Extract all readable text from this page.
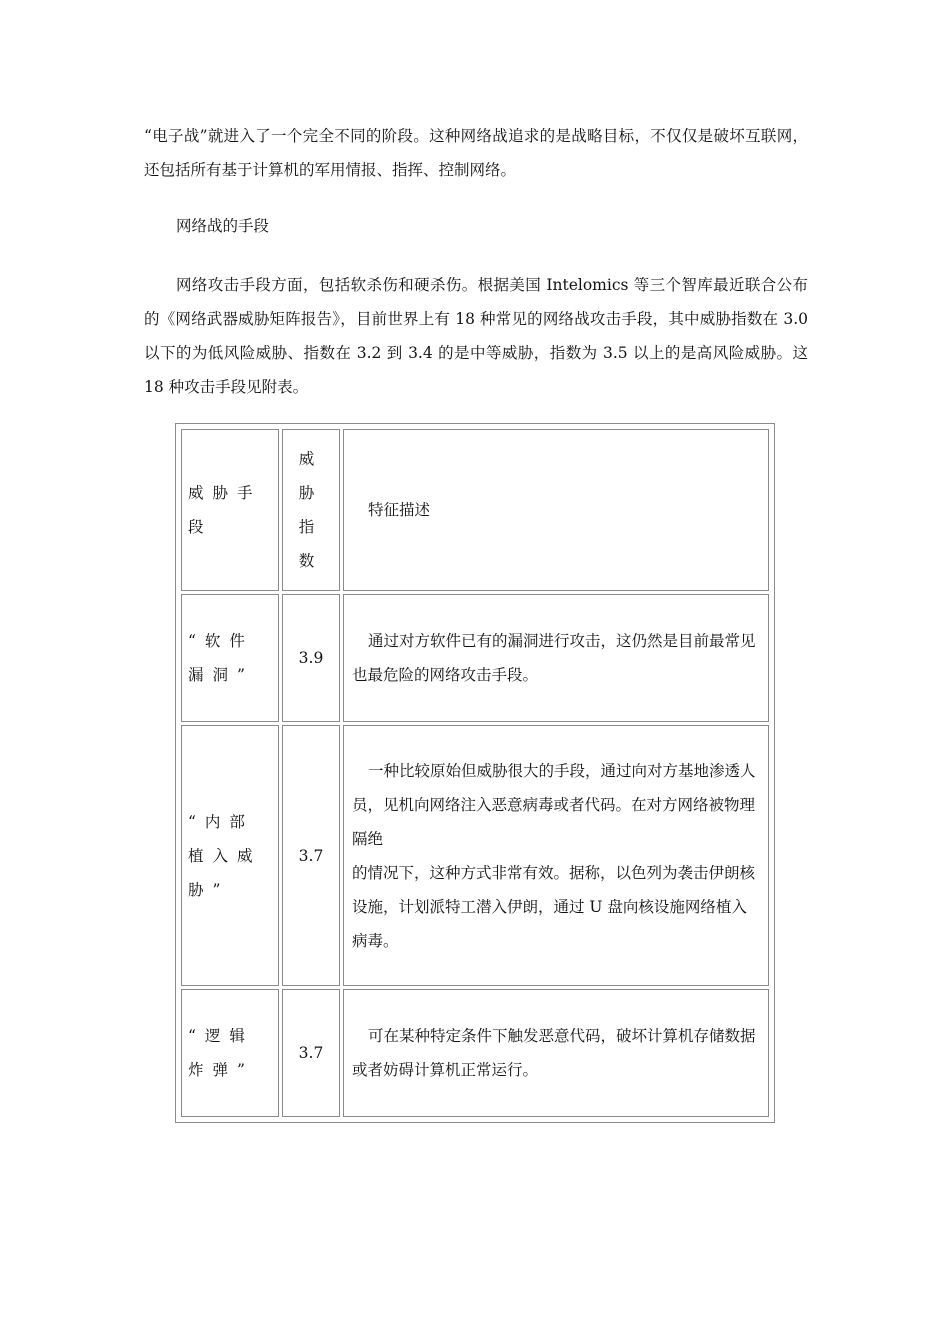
“电子战”就进入了一个完全不同的阶段。这种网络战追求的是战略目标，不仅仅是破坏互联网，还包括所有基于计算机的军用情报、指挥、控制网络。

网络战的手段

网络攻击手段方面，包括软杀伤和硬杀伤。根据美国 Intelomics 等三个智库最近联合公布的《网络武器威胁矩阵报告》，目前世界上有 18 种常见的网络战攻击手段，其中威胁指数在 3.0 以下的为低风险威胁、指数在 3.2 到 3.4 的是中等威胁，指数为 3.5 以上的是高风险威胁。这 18 种攻击手段见附表。

威胁手段	威胁指数	特征描述
“软件漏洞”	3.9	通过对方软件已有的漏洞进行攻击，这仍然是目前最常见也最危险的网络攻击手段。
“内部植入威胁”	3.7	一种比较原始但威胁很大的手段，通过向对方基地渗透人员，见机向网络注入恶意病毒或者代码。在对方网络被物理隔绝
的情况下，这种方式非常有效。据称，以色列为袭击伊朗核设施，计划派特工潜入伊朗，通过 U 盘向核设施网络植入病毒。

“逻辑炸弹”	3.7	可在某种特定条件下触发恶意代码，破坏计算机存储数据或者妨碍计算机正常运行。
